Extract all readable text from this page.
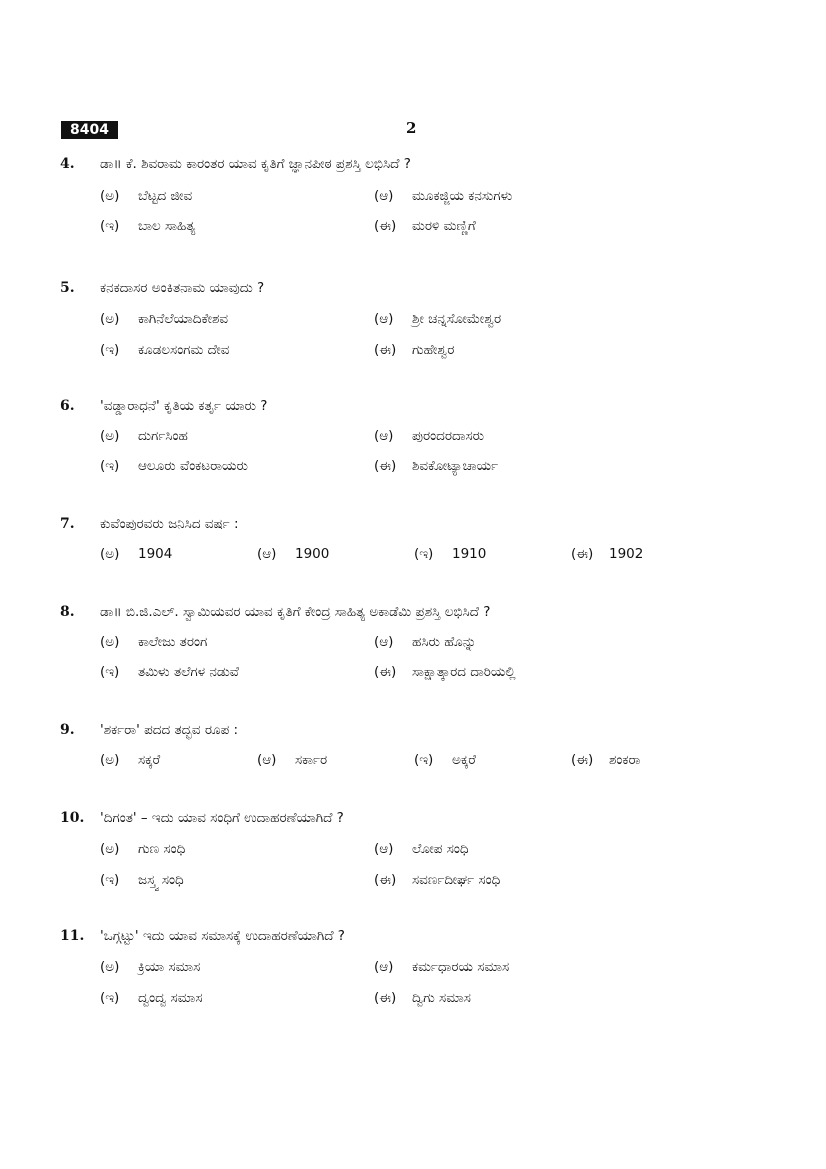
8404	2
4. ಡಾ॥ ಕೆ. ಶಿವರಾಮ ಕಾರಂತರ ಯಾವ ಕೃತಿಗೆ ಜ್ಞಾನಪೀಠ ಪ್ರಶಸ್ತಿ ಲಭಿಸಿದೆ ?
(ಅ) ಬೆಟ್ಟದ ಜೀವ	(ಆ) ಮೂಕಜ್ಜಿಯ ಕನಸುಗಳು
(ಇ) ಬಾಲ ಸಾಹಿತ್ಯ	(ಈ) ಮರಳಿ ಮಣ್ಣಿಗೆ
5. ಕನಕದಾಸರ ಅಂಕಿತನಾಮ ಯಾವುದು ?
(ಅ) ಕಾಗಿನೆಲೆಯಾದಿಕೇಶವ	(ಆ) ಶ್ರೀ ಚನ್ನಸೋಮೇಶ್ವರ
(ಇ) ಕೂಡಲಸಂಗಮ ದೇವ	(ಈ) ಗುಹೇಶ್ವರ
6. 'ವಡ್ಡಾರಾಧನೆ' ಕೃತಿಯ ಕರ್ತೃ ಯಾರು ?
(ಅ) ದುರ್ಗಸಿಂಹ	(ಆ) ಪುರಂದರದಾಸರು
(ಇ) ಆಲೂರು ವೆಂಕಟರಾಯರು	(ಈ) ಶಿವಕೋಟ್ಯಾಚಾರ್ಯ
7. ಕುವೆಂಪುರವರು ಜನಿಸಿದ ವರ್ಷ :
(ಅ) 1904	(ಆ) 1900	(ಇ) 1910	(ಈ) 1902
8. ಡಾ॥ ಬಿ.ಜಿ.ಎಲ್. ಸ್ವಾಮಿಯವರ ಯಾವ ಕೃತಿಗೆ ಕೇಂದ್ರ ಸಾಹಿತ್ಯ ಅಕಾಡೆಮಿ ಪ್ರಶಸ್ತಿ ಲಭಿಸಿದೆ ?
(ಅ) ಕಾಲೇಜು ತರಂಗ	(ಆ) ಹಸಿರು ಹೊನ್ನು
(ಇ) ತಮಿಳು ತಲೆಗಳ ನಡುವೆ	(ಈ) ಸಾಕ್ಷಾತ್ಕಾರದ ದಾರಿಯಲ್ಲಿ
9. 'ಶರ್ಕರಾ' ಪದದ ತದ್ಭವ ರೂಪ :
(ಅ) ಸಕ್ಕರೆ	(ಆ) ಸರ್ಕಾರ	(ಇ) ಅಕ್ಕರೆ	(ಈ) ಶಂಕರಾ
10. 'ದಿಗಂತ' – ಇದು ಯಾವ ಸಂಧಿಗೆ ಉದಾಹರಣೆಯಾಗಿದೆ ?
(ಅ) ಗುಣ ಸಂಧಿ	(ಆ) ಲೋಪ ಸಂಧಿ
(ಇ) ಜಸ್ತ್ವ ಸಂಧಿ	(ಈ) ಸವರ್ಣದೀರ್ಘ ಸಂಧಿ
11. 'ಒಗ್ಗಟ್ಟು' ಇದು ಯಾವ ಸಮಾಸಕ್ಕೆ ಉದಾಹರಣೆಯಾಗಿದೆ ?
(ಅ) ಕ್ರಿಯಾ ಸಮಾಸ	(ಆ) ಕರ್ಮಧಾರಯ ಸಮಾಸ
(ಇ) ದ್ವಂದ್ವ ಸಮಾಸ	(ಈ) ದ್ವಿಗು ಸಮಾಸ
